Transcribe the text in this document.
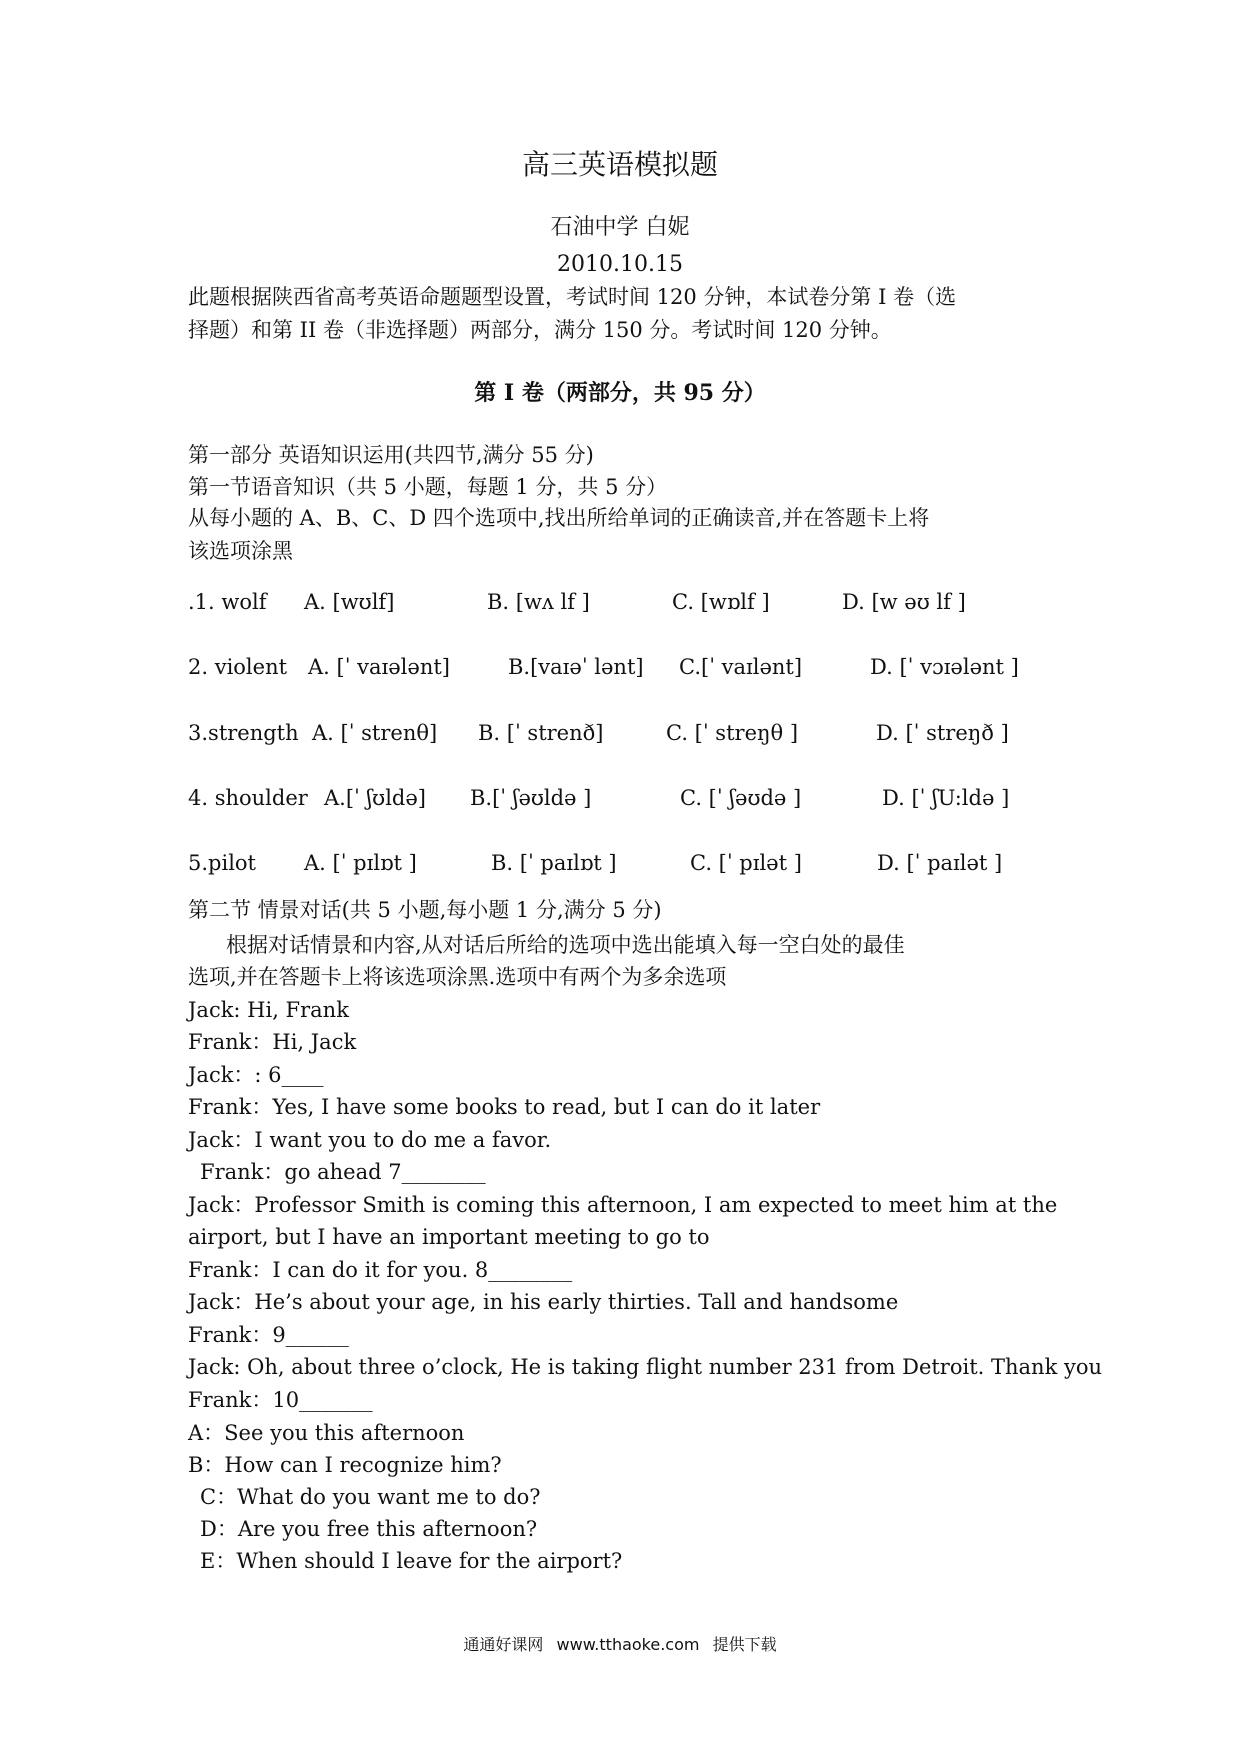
高三英语模拟题
石油中学 白妮
2010.10.15
此题根据陕西省高考英语命题题型设置，考试时间 120 分钟，本试卷分第 I 卷（选
择题）和第 II 卷（非选择题）两部分，满分 150 分。考试时间 120 分钟。
第 I 卷（两部分，共 95 分）
第一部分 英语知识运用(共四节,满分 55 分)
第一节语音知识（共 5 小题，每题 1 分，共 5 分）
从每小题的 A、B、C、D 四个选项中,找出所给单词的正确读音,并在答题卡上将
该选项涂黑
.1. wolf A. [wʊlf]	B. [wʌ lf ]	C. [wɒlf ]	D. [w əʊ lf ]
2. violent A. [ˈ vaɪələnt]	B.[vaɪəˈ lənt] C.[ˈ vaɪlənt]	D. [ˈ vɔɪələnt ]
3.strength A. [ˈ strenθ] B. [ˈ strenð]	C. [ˈ streŋθ ]	D. [ˈ streŋð ]
4. shoulder A.[ˈ ʃʊldə] B.[ˈ ʃəʊldə ]	C. [ˈ ʃəʊdə ]	D. [ˈ ʃU:ldə ]
5.pilot A. [ˈ pɪlɒt ]	B. [ˈ paɪlɒt ]	C. [ˈ pɪlət ]	D. [ˈ paɪlət ]
第二节 情景对话(共 5 小题,每小题 1 分,满分 5 分)
根据对话情景和内容,从对话后所给的选项中选出能填入每一空白处的最佳
选项,并在答题卡上将该选项涂黑.选项中有两个为多余选项
Jack: Hi, Frank
Frank：Hi, Jack
Jack：: 6____
Frank：Yes, I have some books to read, but I can do it later
Jack：I want you to do me a favor.
Frank：go ahead 7________
Jack：Professor Smith is coming this afternoon, I am expected to meet him at the
airport, but I have an important meeting to go to
Frank：I can do it for you. 8________
Jack：He’s about your age, in his early thirties. Tall and handsome
Frank：9______
Jack: Oh, about three o’clock, He is taking flight number 231 from Detroit. Thank you
Frank：10_______
A：See you this afternoon
B：How can I recognize him?
C：What do you want me to do?
D：Are you free this afternoon?
E：When should I leave for the airport?
通通好课网 www.tthaoke.com 提供下载
